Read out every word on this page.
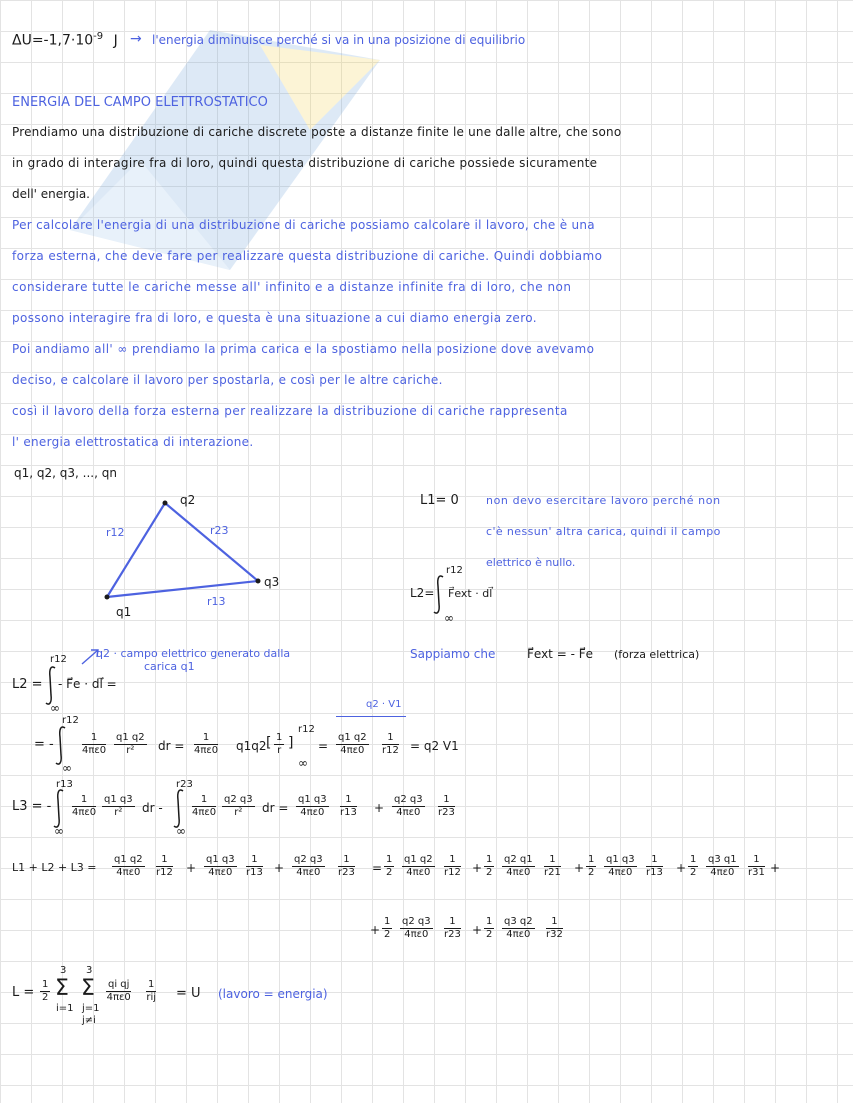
$\Delta U=-1,7\cdot 10^{-9}$ J → l'energia diminuisce perché si va in una posizione di equilibrio
ENERGIA DEL CAMPO ELETTROSTATICO
Prendiamo una distribuzione di cariche discrete poste a distanze finite le une dalle altre, che sono
in grado di interagire fra di loro, quindi questa distribuzione di cariche possiede sicuramente
dell' energia.
Per calcolare l'energia di una distribuzione di cariche possiamo calcolare il lavoro, che è una
forza esterna, che deve fare per realizzare questa distribuzione di cariche. Quindi dobbiamo
considerare tutte le cariche messe all' infinito e a distanze infinite fra di loro, che non
possono interagire fra di loro, e questa è una situazione a cui diamo energia zero.
Poi andiamo all' ∞ prendiamo la prima carica e la spostiamo nella posizione dove avevamo
deciso, e calcolare il lavoro per spostarla, e così per le altre cariche.
così il lavoro della forza esterna per realizzare la distribuzione di cariche rappresenta
l' energia elettrostatica di interazione.
q1, q2, q3, ..., qn
q2
q1
q3
r12	r23
r13
L1= 0 non devo esercitare lavoro perché non
c'è nessun' altra carica, quindi il campo
elettrico è nullo.
L2=
r12
∞
F⃗ext · dl⃗
Sappiamo che	F⃗ext = - F⃗e (forza elettrica)
L2 =
r12
∞
- F⃗e · dl⃗ =
q2 · campo elettrico generato dalla
carica q1
q2 · V1
= -
r12
∞
$\frac{1}{4\pi\varepsilon 0} \frac{q1 q2}{\text{r²}}$ dr = $\frac{1}{4\pi\varepsilon 0} q1q2$ [ $\frac{1}{r}$ ]
r12
∞
= $\frac{q1 q2}{4\pi\varepsilon 0} \frac{1}{r12} = q2$ V1
L3 = -
r13
∞
$\frac{1}{4\pi\varepsilon 0} \frac{q1 q3}{\text{r²}}$ dr -
r23
∞
$\frac{1}{4\pi\varepsilon 0} \frac{q2 q3}{\text{r²}}$ dr = $\frac{q1 q3}{4\pi\varepsilon 0} \frac{1}{r13} + \frac{q2 q3}{4\pi\varepsilon 0} \frac{1}{r23}$
$L1 + L2 + L3 = \frac{q1 q2}{4\pi\varepsilon 0} \frac{1}{r12} + \frac{q1 q3}{4\pi\varepsilon 0} \frac{1}{r13} + \frac{q2 q3}{4\pi\varepsilon 0} \frac{1}{r23} = \frac{1}{2} \frac{q1 q2}{4\pi\varepsilon 0} \frac{1}{r12} + \frac{1}{2} \frac{q2 q1}{4\pi\varepsilon 0} \frac{1}{r21} + \frac{1}{2} \frac{q1 q3}{4\pi\varepsilon 0} \frac{1}{r13} + \frac{1}{2} \frac{q3 q1}{4\pi\varepsilon 0} \frac{1}{r31}$ +
+ $\frac{1}{2} \frac{q2 q3}{4\pi\varepsilon 0} \frac{1}{r23} + \frac{1}{2} \frac{q3 q2}{4\pi\varepsilon 0} \frac{1}{r32}$
$L = \frac{1}{2}$
3
Σ
i=1
3
Σ
j=1
j≠i
$\frac{\text{qi qj}}{4\pi\varepsilon 0} 1$
rij = U (lavoro = energia)
